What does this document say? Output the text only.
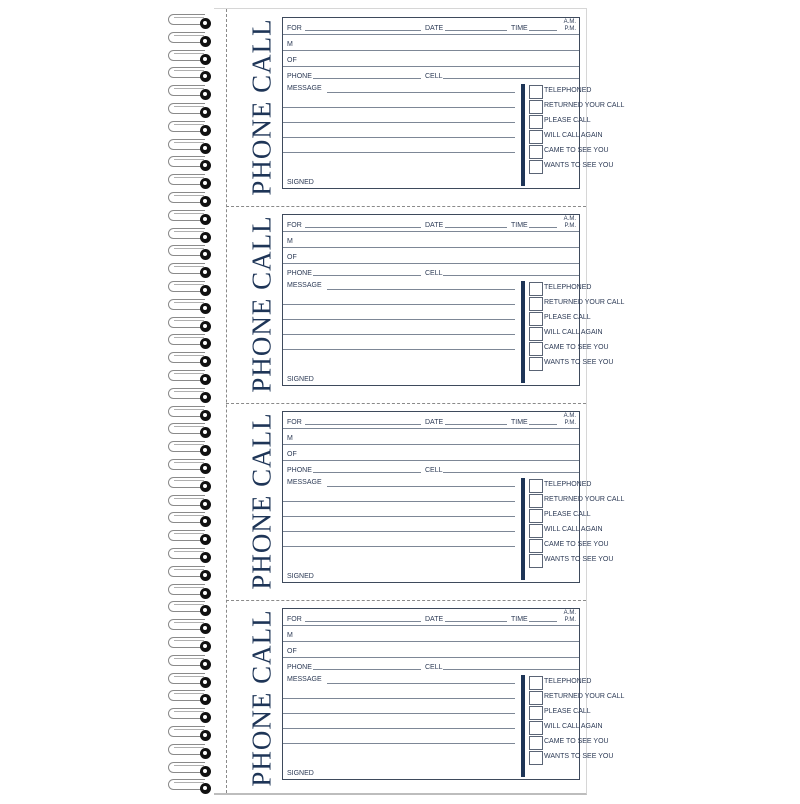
PHONE CALL FOR	DATE	TIME
A.M.
P.M.
M
OF
PHONE	CELL
MESSAGE
SIGNED
TELEPHONED
RETURNED YOUR CALL
PLEASE CALL
WILL CALL AGAIN
CAME TO SEE YOU
WANTS TO SEE YOU
PHONE CALL FOR	DATE	TIME
A.M.
P.M.
M
OF
PHONE	CELL
MESSAGE
SIGNED
TELEPHONED
RETURNED YOUR CALL
PLEASE CALL
WILL CALL AGAIN
CAME TO SEE YOU
WANTS TO SEE YOU
PHONE CALL FOR	DATE	TIME
A.M.
P.M.
M
OF
PHONE	CELL
MESSAGE
SIGNED
TELEPHONED
RETURNED YOUR CALL
PLEASE CALL
WILL CALL AGAIN
CAME TO SEE YOU
WANTS TO SEE YOU
PHONE CALL FOR	DATE	TIME
A.M.
P.M.
M
OF
PHONE	CELL
MESSAGE
SIGNED
TELEPHONED
RETURNED YOUR CALL
PLEASE CALL
WILL CALL AGAIN
CAME TO SEE YOU
WANTS TO SEE YOU
